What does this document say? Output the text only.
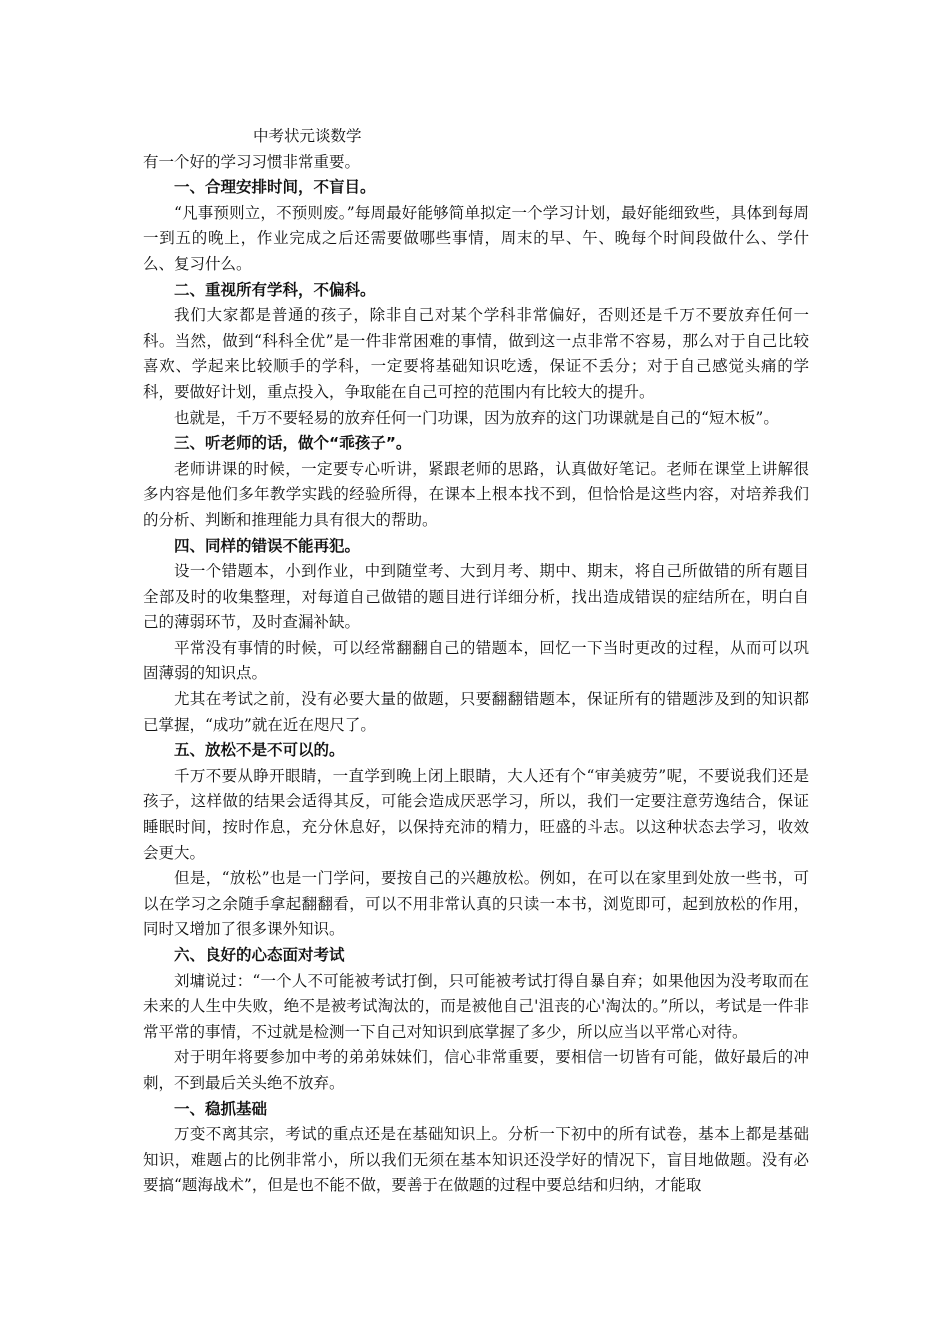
中考状元谈数学
有一个好的学习习惯非常重要。
一、合理安排时间，不盲目。

“凡事预则立，不预则废。”每周最好能够简单拟定一个学习计划，最好能细致些，具体到每周一到五的晚上，作业完成之后还需要做哪些事情，周末的早、午、晚每个时间段做什么、学什么、复习什么。

二、重视所有学科，不偏科。

我们大家都是普通的孩子，除非自己对某个学科非常偏好，否则还是千万不要放弃任何一科。当然，做到“科科全优”是一件非常困难的事情，做到这一点非常不容易，那么对于自己比较喜欢、学起来比较顺手的学科，一定要将基础知识吃透，保证不丢分；对于自己感觉头痛的学科，要做好计划，重点投入，争取能在自己可控的范围内有比较大的提升。

也就是，千万不要轻易的放弃任何一门功课，因为放弃的这门功课就是自己的“短木板”。

三、听老师的话，做个“乖孩子”。

老师讲课的时候，一定要专心听讲，紧跟老师的思路，认真做好笔记。老师在课堂上讲解很多内容是他们多年教学实践的经验所得，在课本上根本找不到，但恰恰是这些内容，对培养我们的分析、判断和推理能力具有很大的帮助。

四、同样的错误不能再犯。

设一个错题本，小到作业，中到随堂考、大到月考、期中、期末，将自己所做错的所有题目全部及时的收集整理，对每道自己做错的题目进行详细分析，找出造成错误的症结所在，明白自己的薄弱环节，及时查漏补缺。

平常没有事情的时候，可以经常翻翻自己的错题本，回忆一下当时更改的过程，从而可以巩固薄弱的知识点。

尤其在考试之前，没有必要大量的做题，只要翻翻错题本，保证所有的错题涉及到的知识都已掌握，“成功”就在近在咫尺了。

五、放松不是不可以的。

千万不要从睁开眼睛，一直学到晚上闭上眼睛，大人还有个“审美疲劳”呢，不要说我们还是孩子，这样做的结果会适得其反，可能会造成厌恶学习，所以，我们一定要注意劳逸结合，保证睡眠时间，按时作息，充分休息好，以保持充沛的精力，旺盛的斗志。以这种状态去学习，收效会更大。

但是，“放松”也是一门学问，要按自己的兴趣放松。例如，在可以在家里到处放一些书，可以在学习之余随手拿起翻翻看，可以不用非常认真的只读一本书，浏览即可，起到放松的作用，同时又增加了很多课外知识。

六、良好的心态面对考试

刘墉说过：“一个人不可能被考试打倒，只可能被考试打得自暴自弃；如果他因为没考取而在未来的人生中失败，绝不是被考试淘汰的，而是被他自己'沮丧的心'淘汰的。”所以，考试是一件非常平常的事情，不过就是检测一下自己对知识到底掌握了多少，所以应当以平常心对待。

对于明年将要参加中考的弟弟妹妹们，信心非常重要，要相信一切皆有可能，做好最后的冲刺，不到最后关头绝不放弃。

一、稳抓基础

万变不离其宗，考试的重点还是在基础知识上。分析一下初中的所有试卷，基本上都是基础知识，难题占的比例非常小，所以我们无须在基本知识还没学好的情况下，盲目地做题。没有必要搞“题海战术”，但是也不能不做，要善于在做题的过程中要总结和归纳，才能取
